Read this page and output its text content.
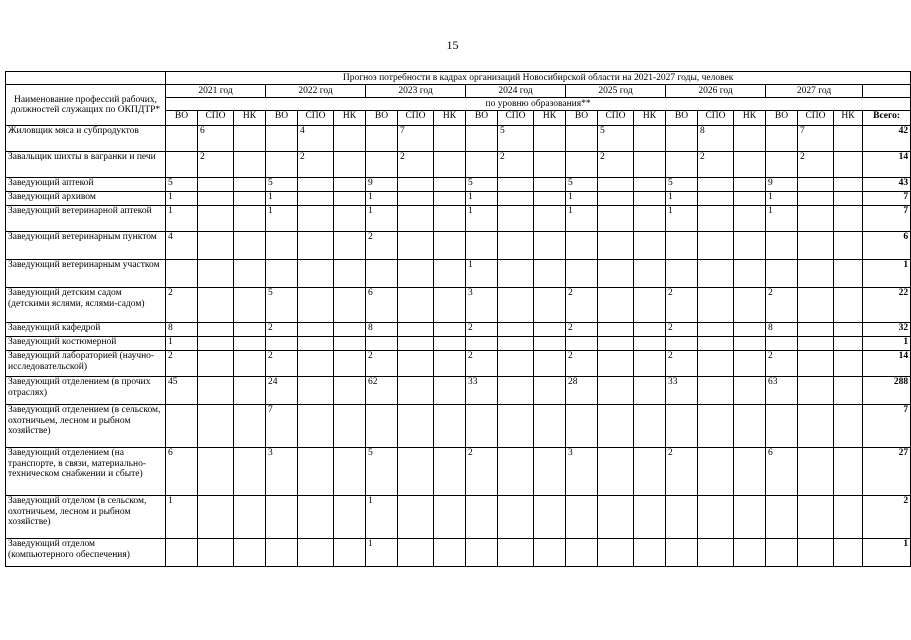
15
	Прогноз потребности в кадрах организаций Новосибирской области на 2021-2027 годы, человек																					
Наименование профессий рабочих, должностей служащих по ОКПДТР*	2021 год			2022 год			2023 год			2024 год			2025 год			2026 год			2027 год			
	по уровню образования**																					
	ВО	СПО	НК	ВО	СПО	НК	ВО	СПО	НК	ВО	СПО	НК	ВО	СПО	НК	ВО	СПО	НК	ВО	СПО	НК	Всего:
Жиловщик мяса и субпродуктов		6			4			7			5			5			8			7		42
Завальщик шихты в вагранки и печи		2			2			2			2			2			2			2		14
Заведующий аптекой	5			5			9			5			5			5			9			43
Заведующий архивом	1			1			1			1			1			1			1			7
Заведующий ветеринарной аптекой	1			1			1			1			1			1			1			7
Заведующий ветеринарным пунктом	4						2															6
Заведующий ветеринарным участком										1												1
Заведующий детским садом (детскими яслями, яслями-садом)	2			5			6			3			2			2			2			22
Заведующий кафедрой	8			2			8			2			2			2			8			32
Заведующий костюмерной	1																					1
Заведующий лабораторией (научно-исследовательской)	2			2			2			2			2			2			2			14
Заведующий отделением (в прочих отраслях)	45			24			62			33			28			33			63			288
Заведующий отделением (в сельском, охотничьем, лесном и рыбном хозяйстве)				7																		7
Заведующий отделением (на транспорте, в связи, материально-техническом снабжении и сбыте)	6			3			5			2			3			2			6			27
Заведующий отделом (в сельском, охотничьем, лесном и рыбном хозяйстве)	1						1															2
Заведующий отделом (компьютерного обеспечения)							1															1
